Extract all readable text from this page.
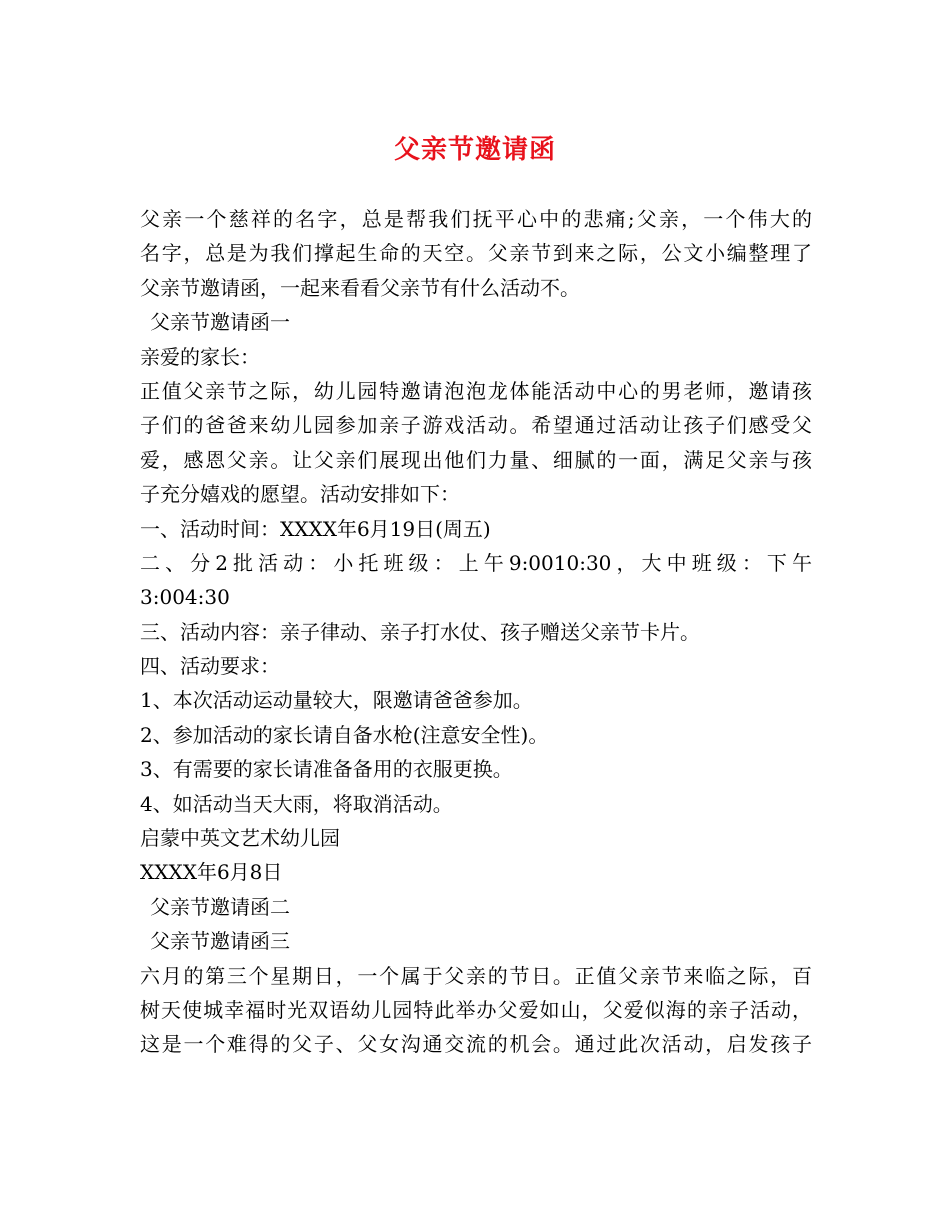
父亲节邀请函
父亲一个慈祥的名字，总是帮我们抚平心中的悲痛;父亲，一个伟大的
名字，总是为我们撑起生命的天空。父亲节到来之际，公文小编整理了
父亲节邀请函，一起来看看父亲节有什么活动不。
父亲节邀请函一
亲爱的家长：
正值父亲节之际，幼儿园特邀请泡泡龙体能活动中心的男老师，邀请孩
子们的爸爸来幼儿园参加亲子游戏活动。希望通过活动让孩子们感受父
爱，感恩父亲。让父亲们展现出他们力量、细腻的一面，满足父亲与孩
子充分嬉戏的愿望。活动安排如下：
一、活动时间：XXXX年6月19日(周五)
二、分2批活动：小托班级：上午9:0010:30，大中班级：下午
3:004:30
三、活动内容：亲子律动、亲子打水仗、孩子赠送父亲节卡片。
四、活动要求：
1、本次活动运动量较大，限邀请爸爸参加。
2、参加活动的家长请自备水枪(注意安全性)。
3、有需要的家长请准备备用的衣服更换。
4、如活动当天大雨，将取消活动。
启蒙中英文艺术幼儿园
XXXX年6月8日
父亲节邀请函二
父亲节邀请函三
六月的第三个星期日，一个属于父亲的节日。正值父亲节来临之际，百
树天使城幸福时光双语幼儿园特此举办父爱如山，父爱似海的亲子活动，
这是一个难得的父子、父女沟通交流的机会。通过此次活动，启发孩子
